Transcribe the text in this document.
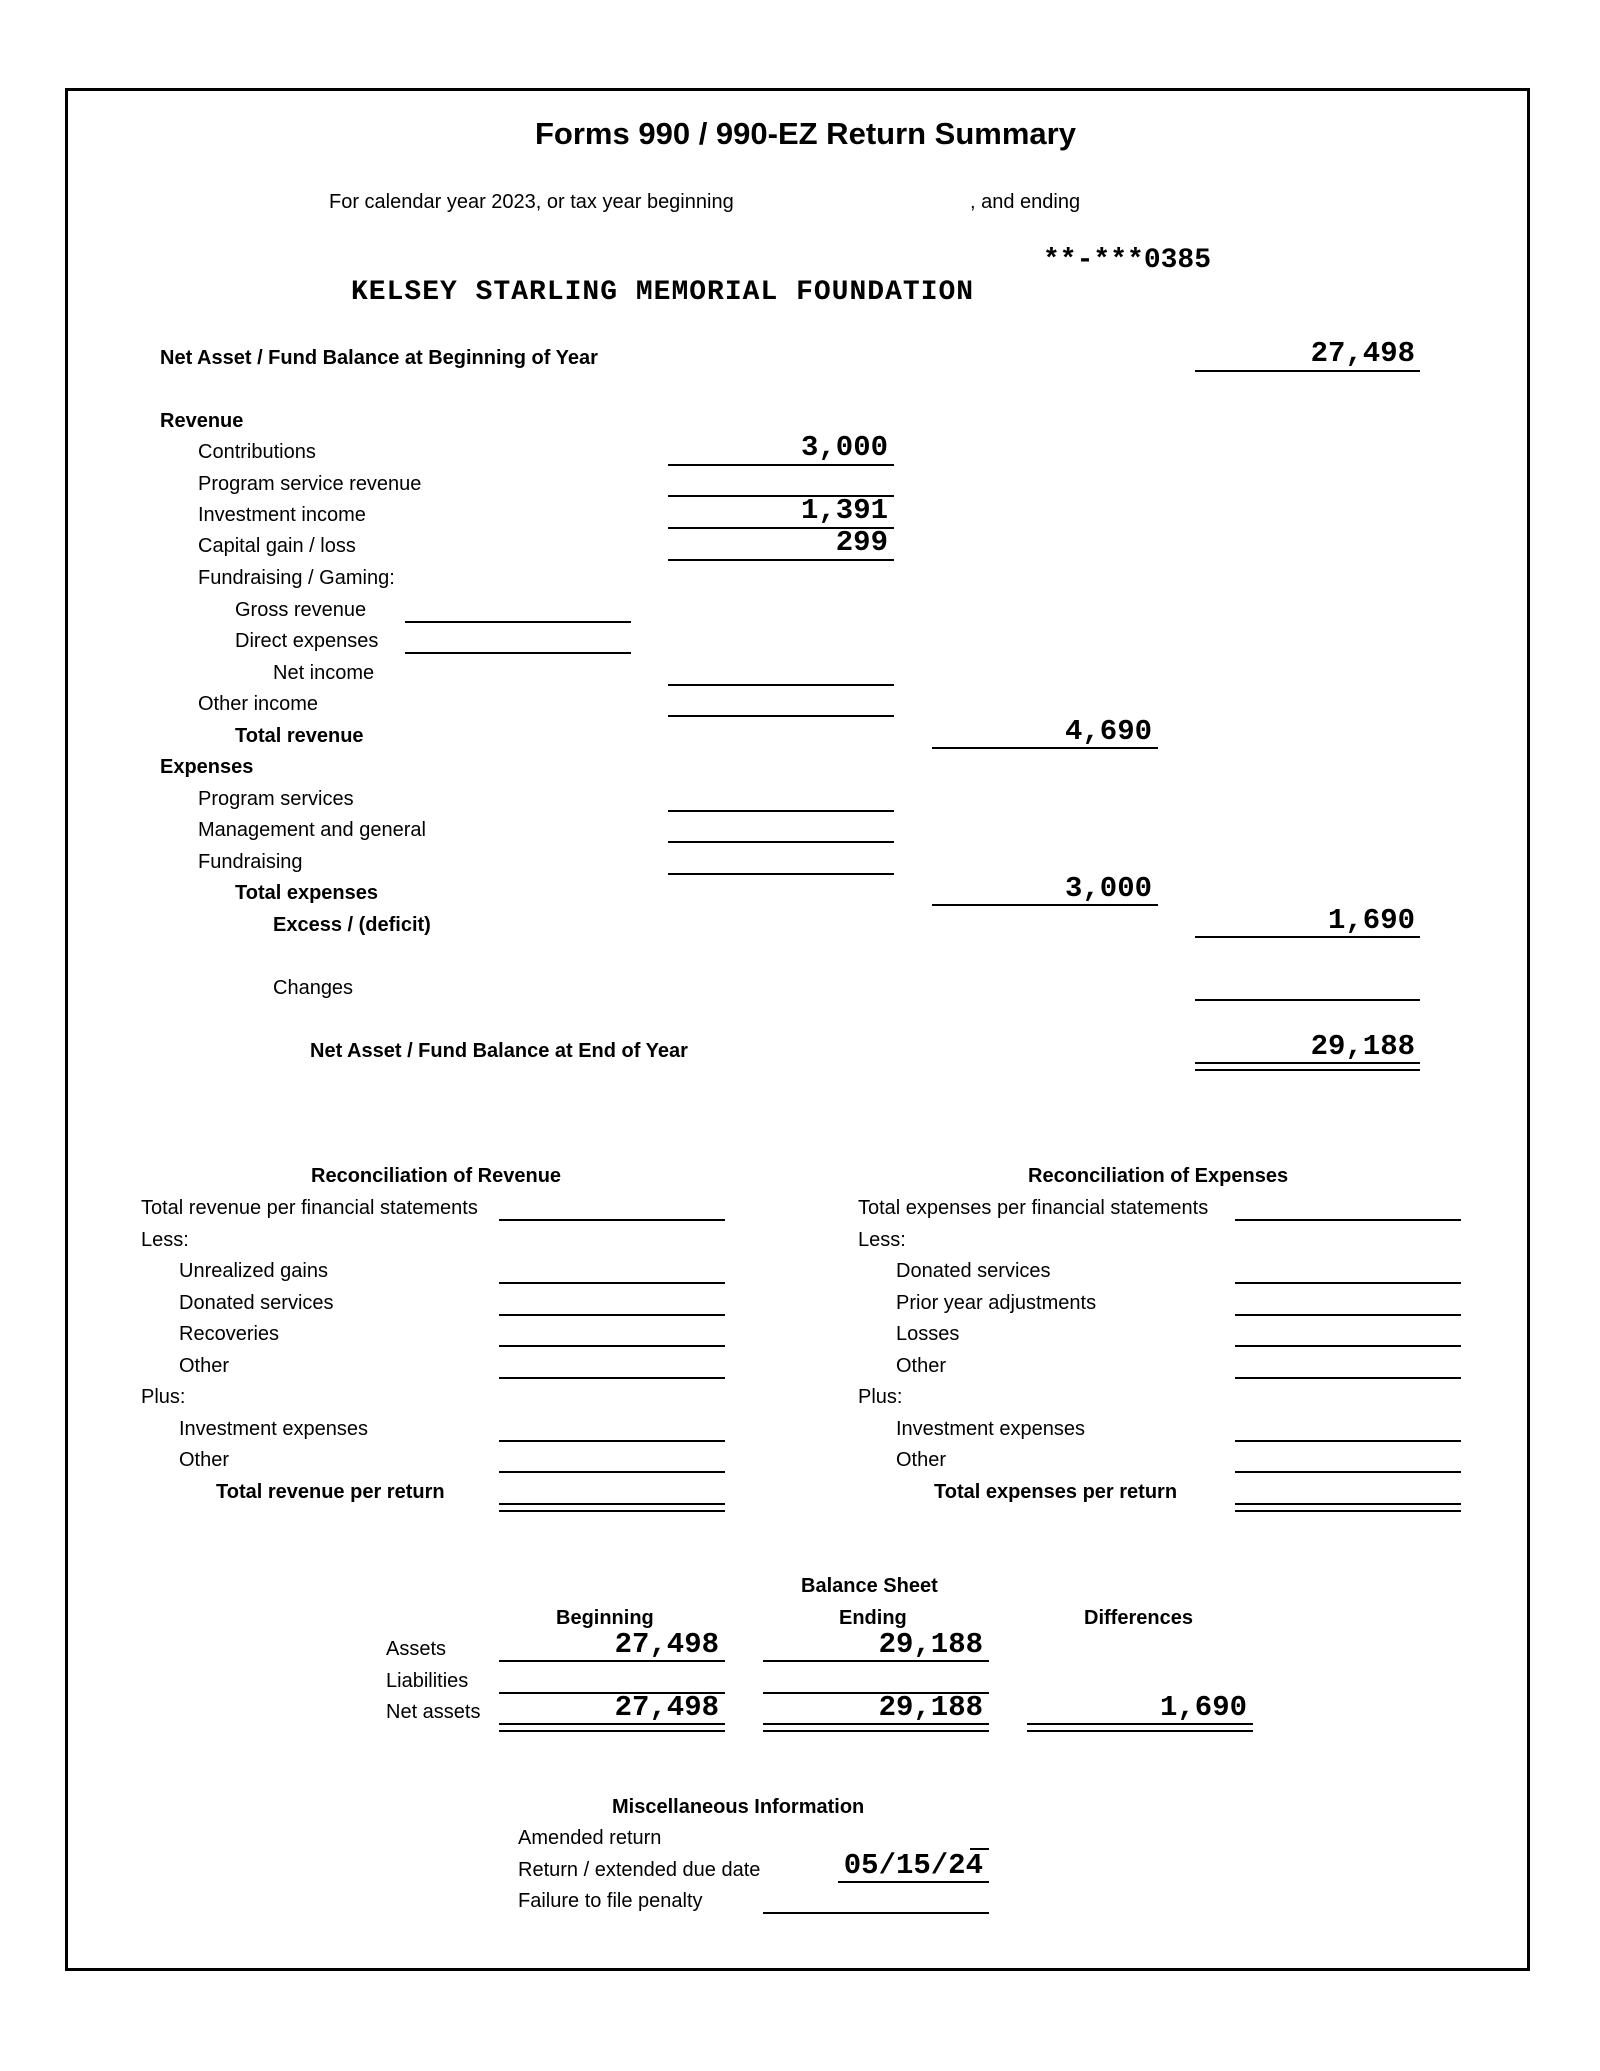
Forms 990 / 990-EZ Return Summary
For calendar year 2023, or tax year beginning	, and ending
**-***0385
KELSEY STARLING MEMORIAL FOUNDATION
Net Asset / Fund Balance at Beginning of Year	27,498
Revenue
Contributions	3,000
Program service revenue
Investment income	1,391
Capital gain / loss	299
Fundraising / Gaming:
Gross revenue
Direct expenses
Net income
Other income
Total revenue	4,690
Expenses
Program services
Management and general
Fundraising
Total expenses	3,000
Excess / (deficit)	1,690
Changes
Net Asset / Fund Balance at End of Year	29,188
Reconciliation of Revenue
Total revenue per financial statements
Less:
Unrealized gains
Donated services
Recoveries
Other
Plus:
Investment expenses
Other
Total revenue per return
Reconciliation of Expenses
Total expenses per financial statements
Less:
Donated services
Prior year adjustments
Losses
Other
Plus:
Investment expenses
Other
Total expenses per return
Balance Sheet
Beginning	Ending	Differences
Assets	27,498	29,188
Liabilities
Net assets	27,498	29,188	1,690
Miscellaneous Information
Amended return
Return / extended due date	05/15/24
Failure to file penalty
